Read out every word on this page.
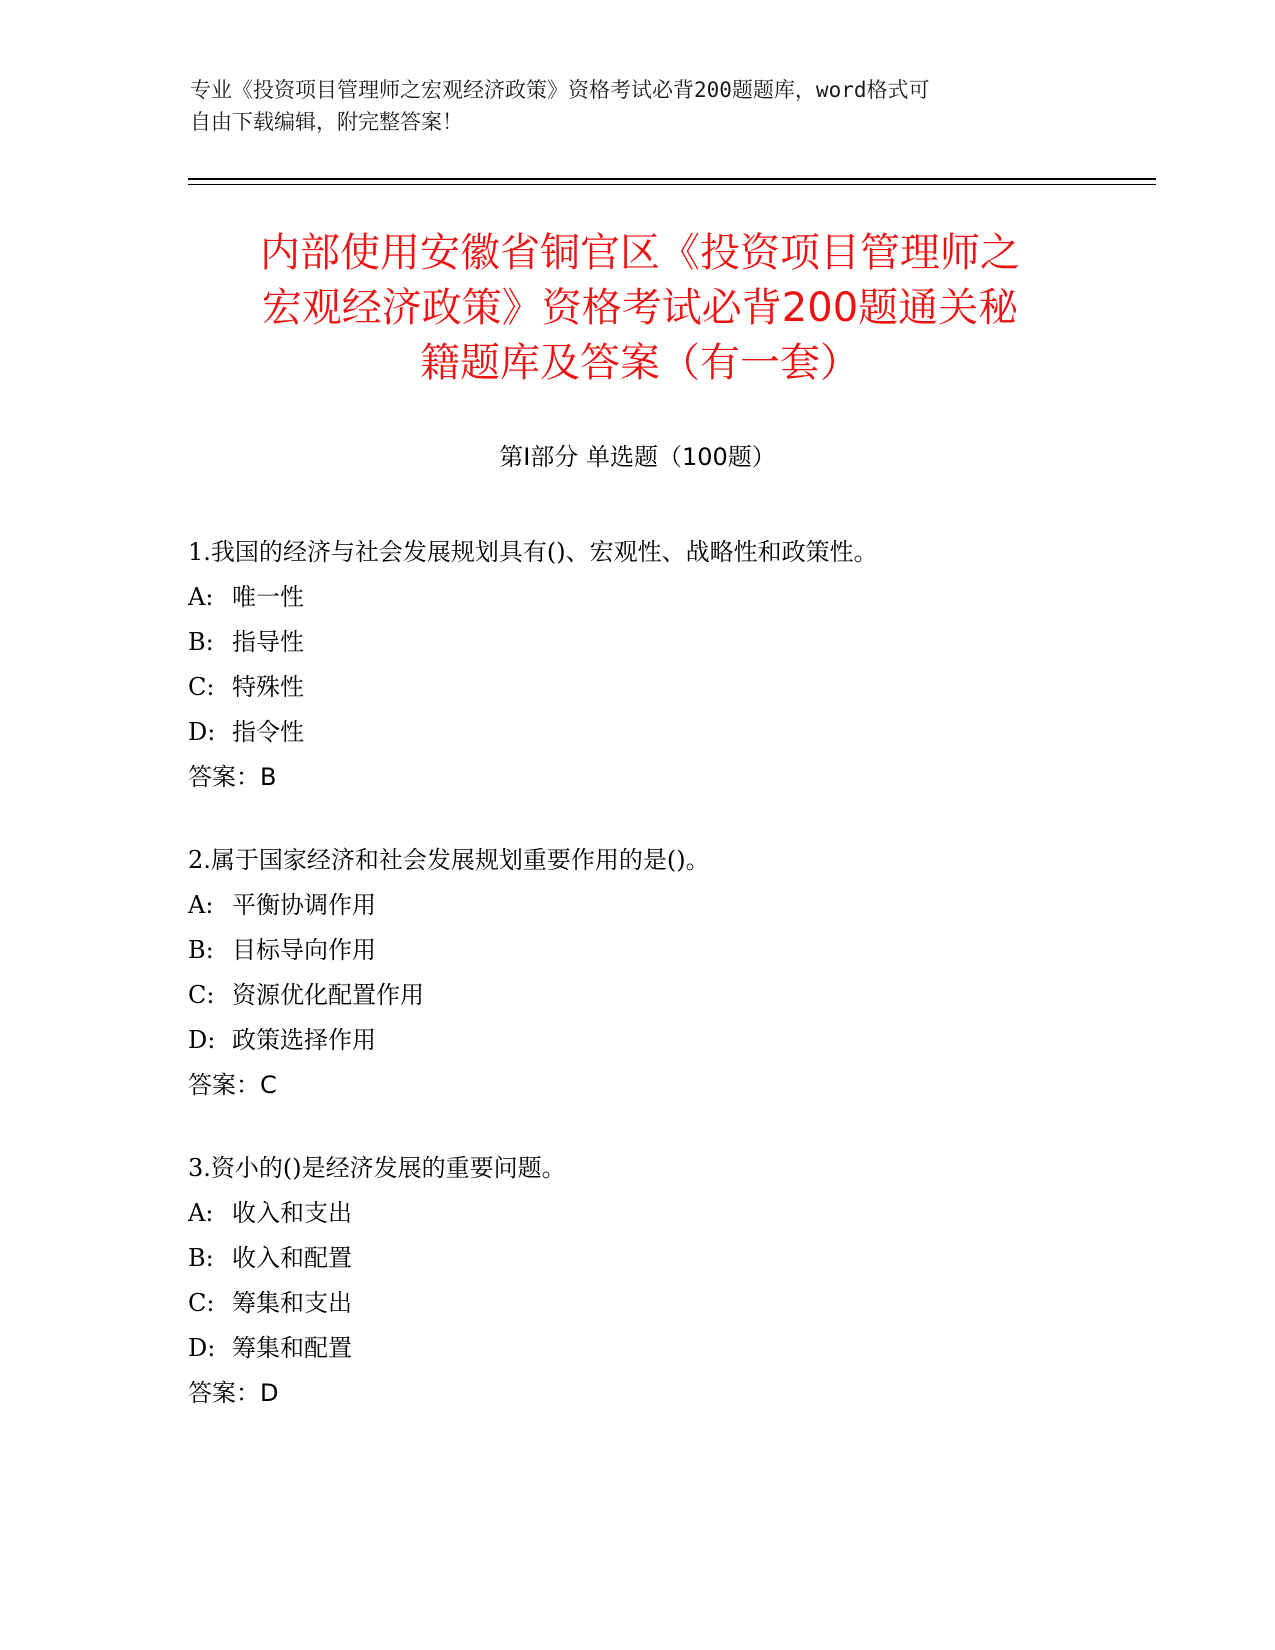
专业《投资项目管理师之宏观经济政策》资格考试必背200题题库，word格式可
自由下载编辑，附完整答案！
内部使用安徽省铜官区《投资项目管理师之
宏观经济政策》资格考试必背200题通关秘
籍题库及答案（有一套）
第Ⅰ部分 单选题（100题）
1.我国的经济与社会发展规划具有()、宏观性、战略性和政策性。
A: 唯一性
B: 指导性
C: 特殊性
D: 指令性
答案：B
2.属于国家经济和社会发展规划重要作用的是()。
A: 平衡协调作用
B: 目标导向作用
C: 资源优化配置作用
D: 政策选择作用
答案：C
3.资小的()是经济发展的重要问题。
A: 收入和支出
B: 收入和配置
C: 筹集和支出
D: 筹集和配置
答案：D
